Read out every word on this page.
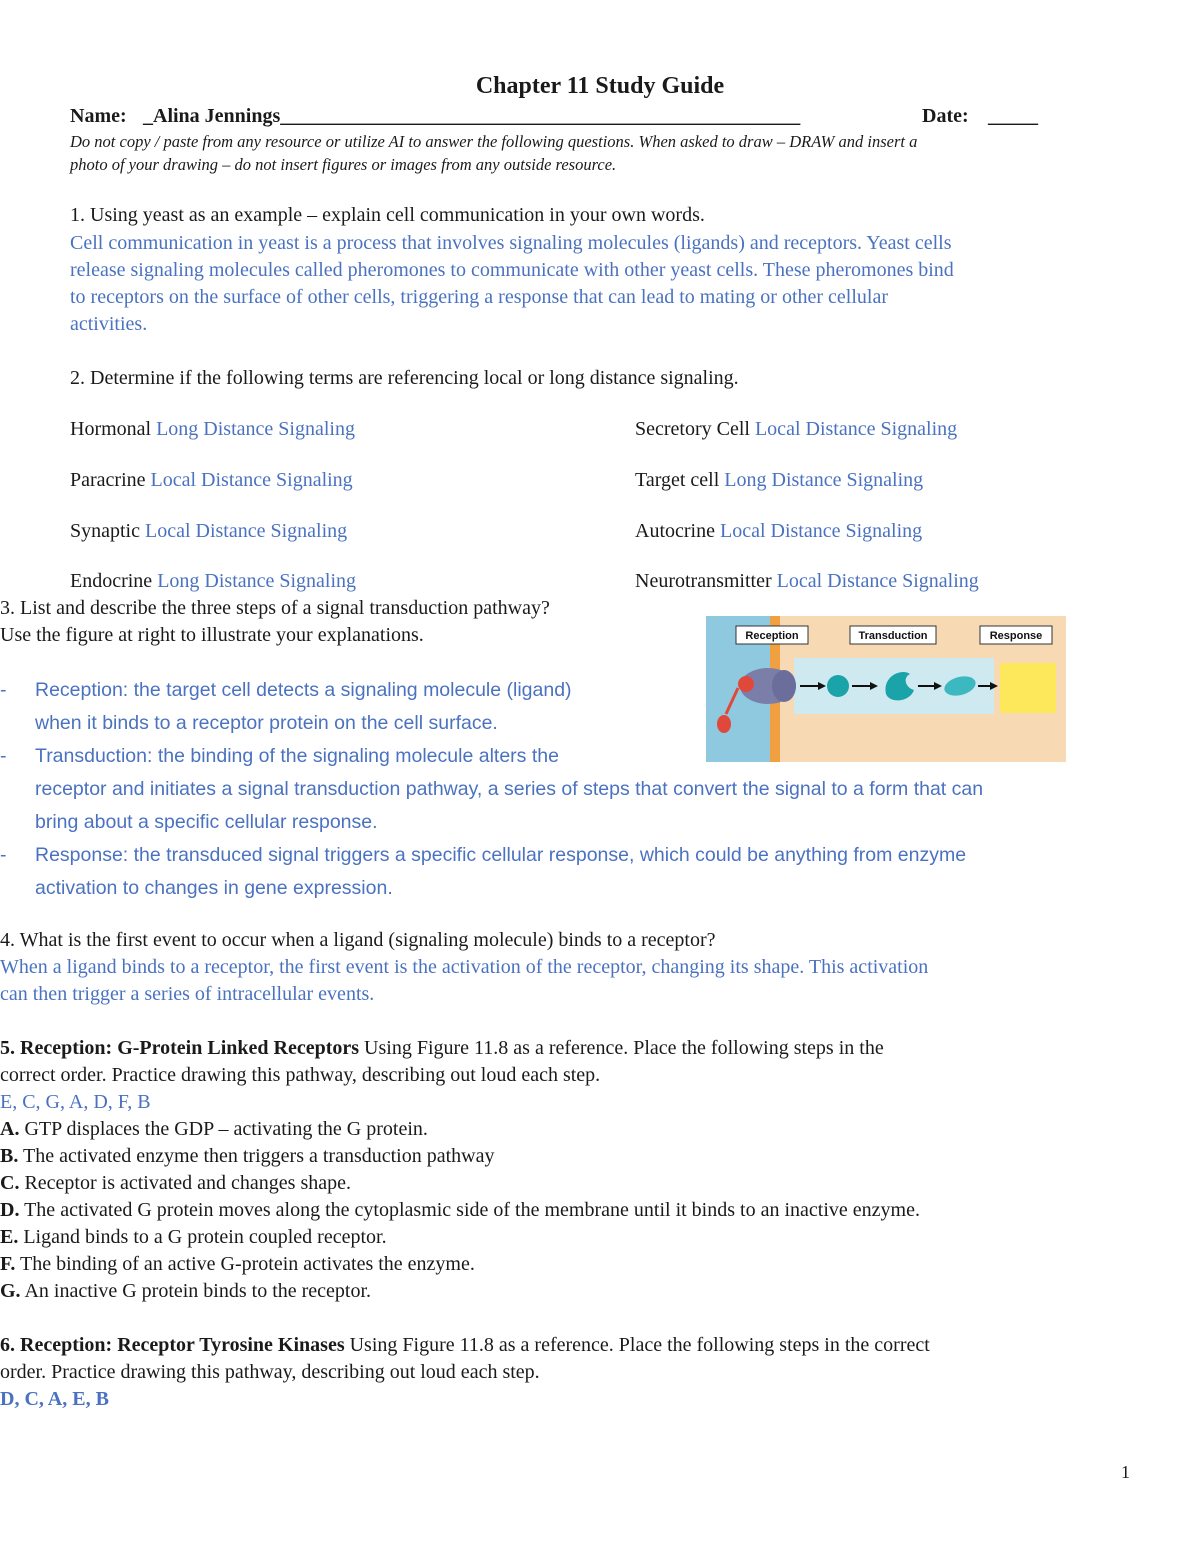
Chapter 11 Study Guide
Name: _Alina Jennings____________________________________________________	Date: _____
Do not copy / paste from any resource or utilize AI to answer the following questions. When asked to draw – DRAW and insert a
photo of your drawing – do not insert figures or images from any outside resource.
1. Using yeast as an example – explain cell communication in your own words.
Cell communication in yeast is a process that involves signaling molecules (ligands) and receptors. Yeast cells
release signaling molecules called pheromones to communicate with other yeast cells. These pheromones bind
to receptors on the surface of other cells, triggering a response that can lead to mating or other cellular
activities.
2. Determine if the following terms are referencing local or long distance signaling.
Hormonal Long Distance Signaling	Secretory Cell Local Distance Signaling
Paracrine Local Distance Signaling	Target cell Long Distance Signaling
Synaptic Local Distance Signaling	Autocrine Local Distance Signaling
Endocrine Long Distance Signaling	Neurotransmitter Local Distance Signaling
3. List and describe the three steps of a signal transduction pathway?
Use the figure at right to illustrate your explanations.	Reception	Transduction	Response
- Reception: the target cell detects a signaling molecule (ligand)
when it binds to a receptor protein on the cell surface.
- Transduction: the binding of the signaling molecule alters the
receptor and initiates a signal transduction pathway, a series of steps that convert the signal to a form that can
bring about a specific cellular response.
- Response: the transduced signal triggers a specific cellular response, which could be anything from enzyme
activation to changes in gene expression.
4. What is the first event to occur when a ligand (signaling molecule) binds to a receptor?
When a ligand binds to a receptor, the first event is the activation of the receptor, changing its shape. This activation
can then trigger a series of intracellular events.
5. Reception: G-Protein Linked Receptors Using Figure 11.8 as a reference. Place the following steps in the
correct order. Practice drawing this pathway, describing out loud each step.
E, C, G, A, D, F, B
A. GTP displaces the GDP – activating the G protein.
B. The activated enzyme then triggers a transduction pathway
C. Receptor is activated and changes shape.
D. The activated G protein moves along the cytoplasmic side of the membrane until it binds to an inactive enzyme.
E. Ligand binds to a G protein coupled receptor.
F. The binding of an active G-protein activates the enzyme.
G. An inactive G protein binds to the receptor.
6. Reception: Receptor Tyrosine Kinases Using Figure 11.8 as a reference. Place the following steps in the correct
order. Practice drawing this pathway, describing out loud each step.
D, C, A, E, B
1
